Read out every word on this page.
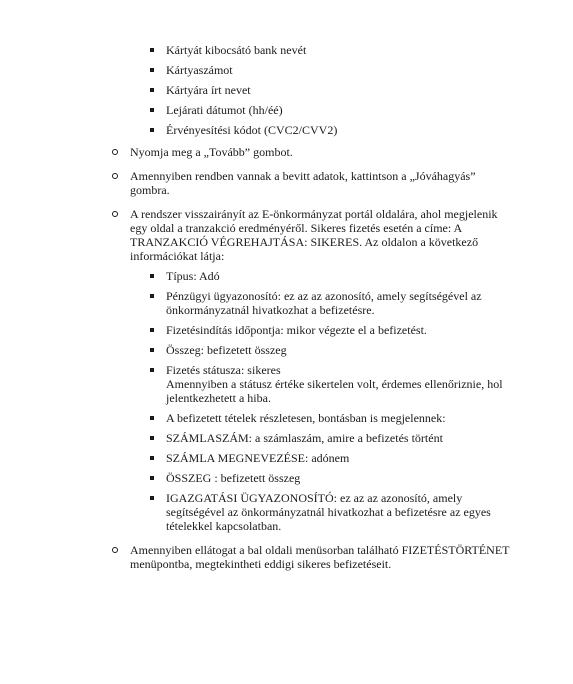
Kártyát kibocsátó bank nevét
Kártyaszámot
Kártyára írt nevet
Lejárati dátumot (hh/éé)
Érvényesítési kódot (CVC2/CVV2)
Nyomja meg a „Tovább” gombot.
Amennyiben rendben vannak a bevitt adatok, kattintson a „Jóváhagyás” gombra.
A rendszer visszairányít az E-önkormányzat portál oldalára, ahol megjelenik egy oldal a tranzakció eredményéről. Sikeres fizetés esetén a címe: A TRANZAKCIÓ VÉGREHAJTÁSA: SIKERES. Az oldalon a következő információkat látja:
Típus: Adó
Pénzügyi ügyazonosító: ez az az azonosító, amely segítségével az önkormányzatnál hivatkozhat a befizetésre.
Fizetésindítás időpontja: mikor végezte el a befizetést.
Összeg: befizetett összeg
Fizetés státusza: sikeres
Amennyiben a státusz értéke sikertelen volt, érdemes ellenőriznie, hol jelentkezhetett a hiba.
A befizetett tételek részletesen, bontásban is megjelennek:
SZÁMLASZÁM: a számlaszám, amire a befizetés történt
SZÁMLA MEGNEVEZÉSE: adónem
ÖSSZEG : befizetett összeg
IGAZGATÁSI ÜGYAZONOSÍTÓ: ez az az azonosító, amely segítségével az önkormányzatnál hivatkozhat a befizetésre az egyes tételekkel kapcsolatban.
Amennyiben ellátogat a bal oldali menüsorban található FIZETÉSTÖRTÉNET menüpontba, megtekintheti eddigi sikeres befizetéseit.
